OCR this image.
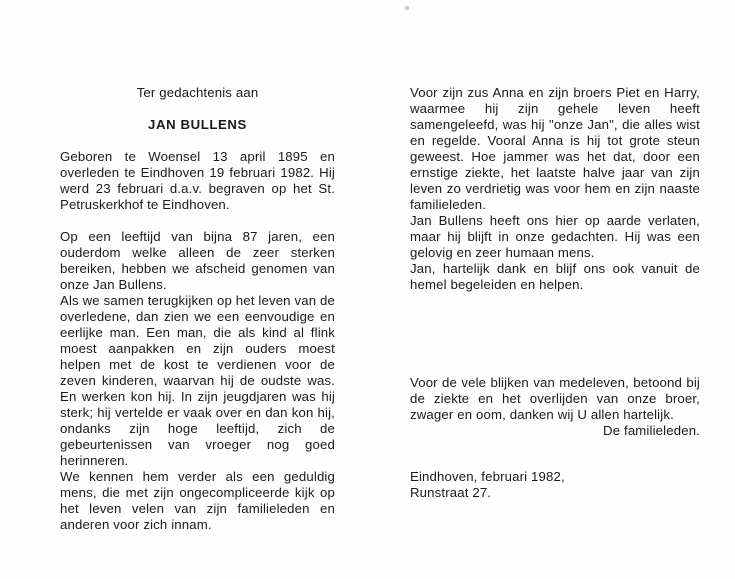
Ter gedachtenis aan

JAN BULLENS

Geboren te Woensel 13 april 1895 en overleden te Eindhoven 19 februari 1982. Hij werd 23 februari d.a.v. begraven op het St. Petruskerkhof te Eindhoven.

Op een leeftijd van bijna 87 jaren, een ouderdom welke alleen de zeer sterken bereiken, hebben we afscheid genomen van onze Jan Bullens.

Als we samen terugkijken op het leven van de overledene, dan zien we een eenvoudige en eerlijke man. Een man, die als kind al flink moest aanpakken en zijn ouders moest helpen met de kost te verdienen voor de zeven kinderen, waarvan hij de oudste was. En werken kon hij. In zijn jeugdjaren was hij sterk; hij vertelde er vaak over en dan kon hij, ondanks zijn hoge leeftijd, zich de gebeurtenissen van vroeger nog goed herinneren.

We kennen hem verder als een geduldig mens, die met zijn ongecompliceerde kijk op het leven velen van zijn familieleden en anderen voor zich innam.

Voor zijn zus Anna en zijn broers Piet en Harry, waarmee hij zijn gehele leven heeft samengeleefd, was hij "onze Jan", die alles wist en regelde. Vooral Anna is hij tot grote steun geweest. Hoe jammer was het dat, door een ernstige ziekte, het laatste halve jaar van zijn leven zo verdrietig was voor hem en zijn naaste familieleden.

Jan Bullens heeft ons hier op aarde verlaten, maar hij blijft in onze gedachten. Hij was een gelovig en zeer humaan mens.

Jan, hartelijk dank en blijf ons ook vanuit de hemel begeleiden en helpen.

Voor de vele blijken van medeleven, betoond bij de ziekte en het overlijden van onze broer, zwager en oom, danken wij U allen hartelijk.

De familieleden.

Eindhoven, februari 1982,

Runstraat 27.
